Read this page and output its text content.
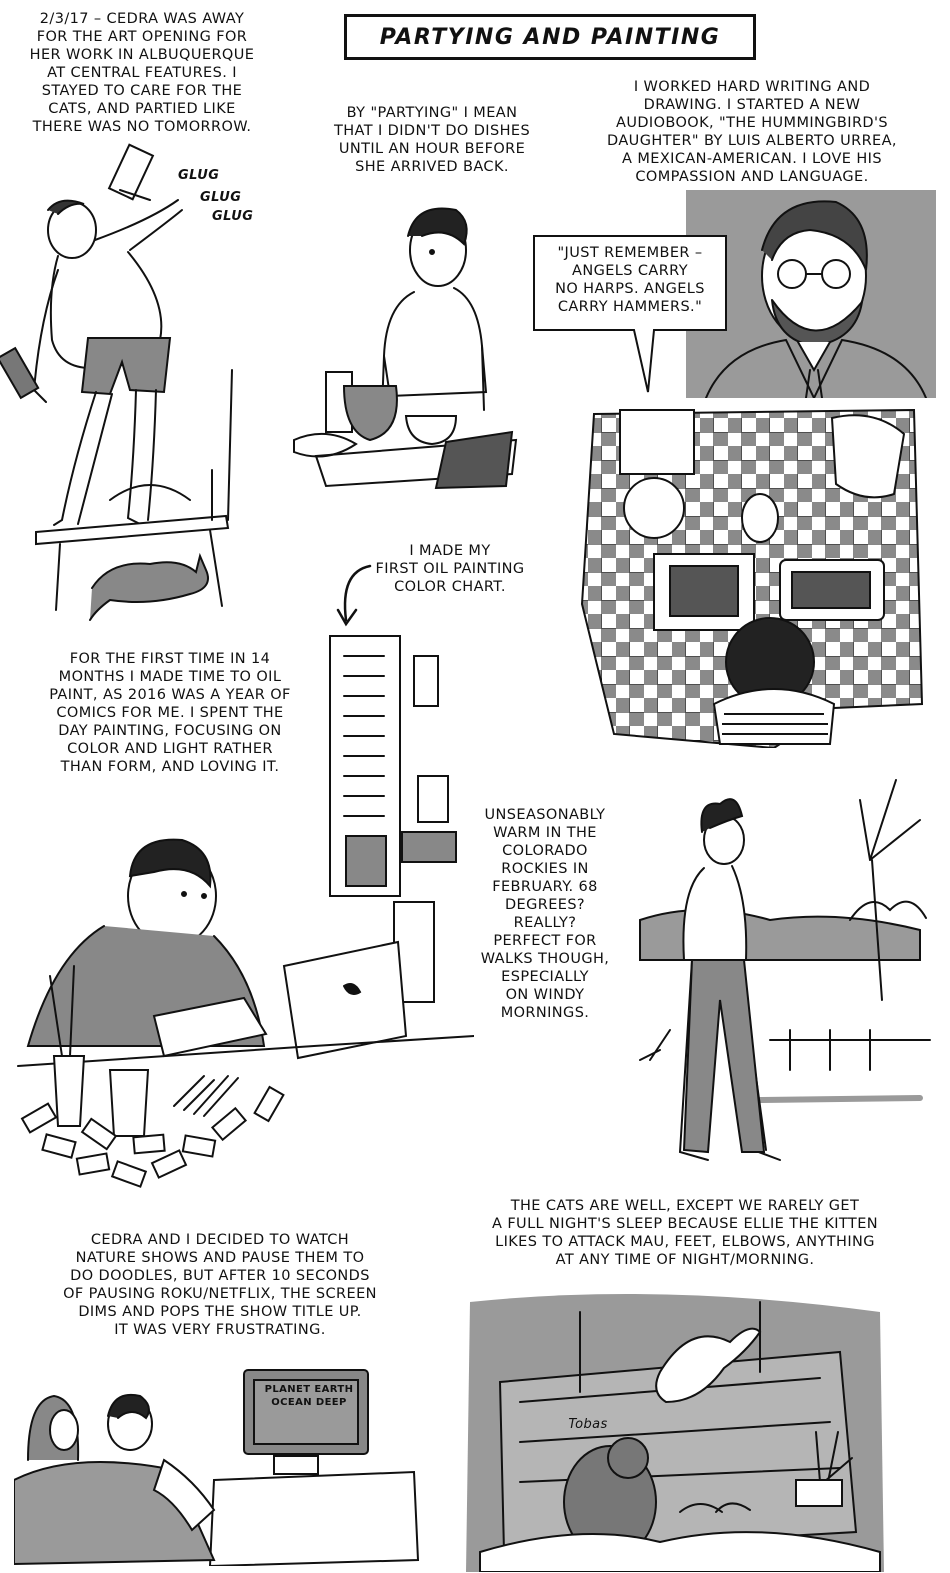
PARTYING AND PAINTING
2/3/17 – CEDRA WAS AWAY
FOR THE ART OPENING FOR
HER WORK IN ALBUQUERQUE
AT CENTRAL FEATURES. I
STAYED TO CARE FOR THE
CATS, AND PARTIED LIKE
THERE WAS NO TOMORROW.
BY "PARTYING" I MEAN
THAT I DIDN'T DO DISHES
UNTIL AN HOUR BEFORE
SHE ARRIVED BACK.
I WORKED HARD WRITING AND
DRAWING. I STARTED A NEW
AUDIOBOOK, "THE HUMMINGBIRD'S
DAUGHTER" BY LUIS ALBERTO URREA,
A MEXICAN-AMERICAN. I LOVE HIS
COMPASSION AND LANGUAGE.
I MADE MY
FIRST OIL PAINTING
COLOR CHART.
FOR THE FIRST TIME IN 14
MONTHS I MADE TIME TO OIL
PAINT, AS 2016 WAS A YEAR OF
COMICS FOR ME. I SPENT THE
DAY PAINTING, FOCUSING ON
COLOR AND LIGHT RATHER
THAN FORM, AND LOVING IT.
UNSEASONABLY
WARM IN THE
COLORADO
ROCKIES IN
FEBRUARY. 68
DEGREES?
REALLY?
PERFECT FOR
WALKS THOUGH,
ESPECIALLY
ON WINDY
MORNINGS.
THE CATS ARE WELL, EXCEPT WE RARELY GET
A FULL NIGHT'S SLEEP BECAUSE ELLIE THE KITTEN
LIKES TO ATTACK MAU, FEET, ELBOWS, ANYTHING
AT ANY TIME OF NIGHT/MORNING.
CEDRA AND I DECIDED TO WATCH
NATURE SHOWS AND PAUSE THEM TO
DO DOODLES, BUT AFTER 10 SECONDS
OF PAUSING ROKU/NETFLIX, THE SCREEN
DIMS AND POPS THE SHOW TITLE UP.
IT WAS VERY FRUSTRATING.
GLUG
GLUG
GLUG
"JUST REMEMBER –
ANGELS CARRY
NO HARPS. ANGELS
CARRY HAMMERS."
PLANET EARTH
OCEAN DEEP
Tobas
